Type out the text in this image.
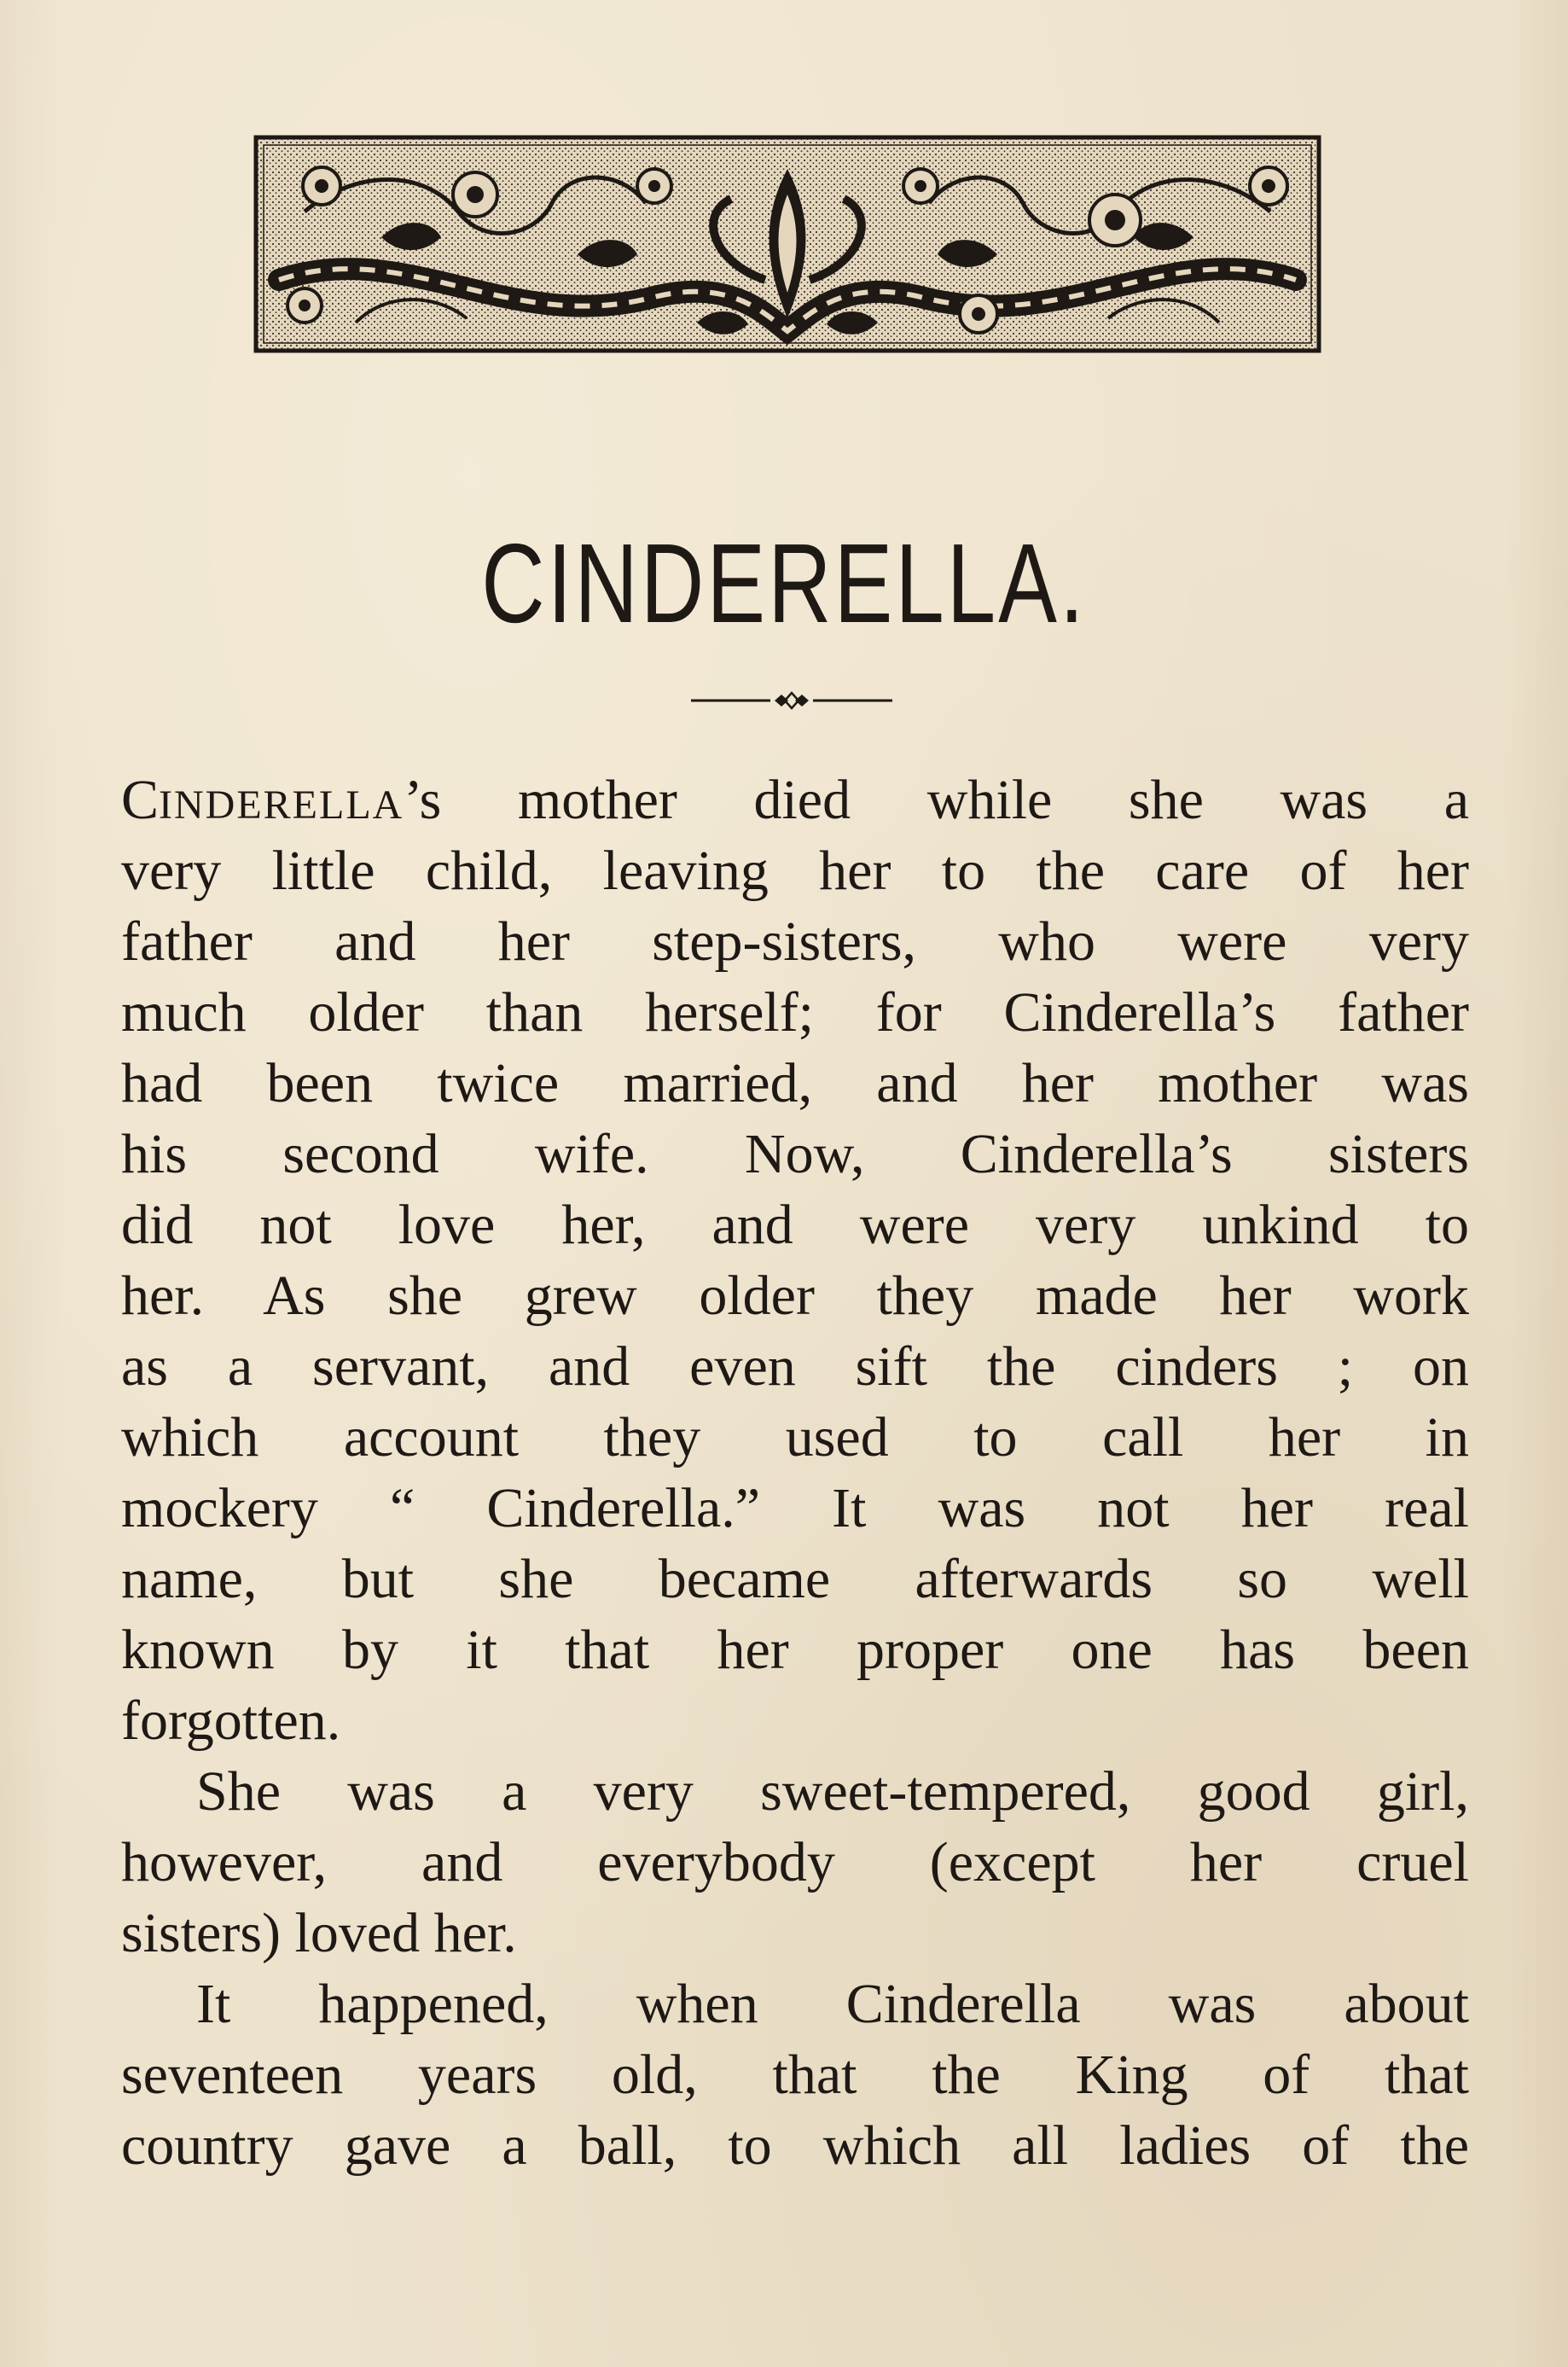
CINDERELLA.
CINDERELLA’s mother died while she was a
very little child, leaving her to the care of her
father and her step-sisters, who were very
much older than herself; for Cinderella’s father
had been twice married, and her mother was
his second wife. Now, Cinderella’s sisters
did not love her, and were very unkind to
her. As she grew older they made her work
as a servant, and even sift the cinders ; on
which account they used to call her in
mockery “ Cinderella.” It was not her real
name, but she became afterwards so well
known by it that her proper one has been
forgotten.
She was a very sweet-tempered, good girl,
however, and everybody (except her cruel
sisters) loved her.
It happened, when Cinderella was about
seventeen years old, that the King of that
country gave a ball, to which all ladies of the
